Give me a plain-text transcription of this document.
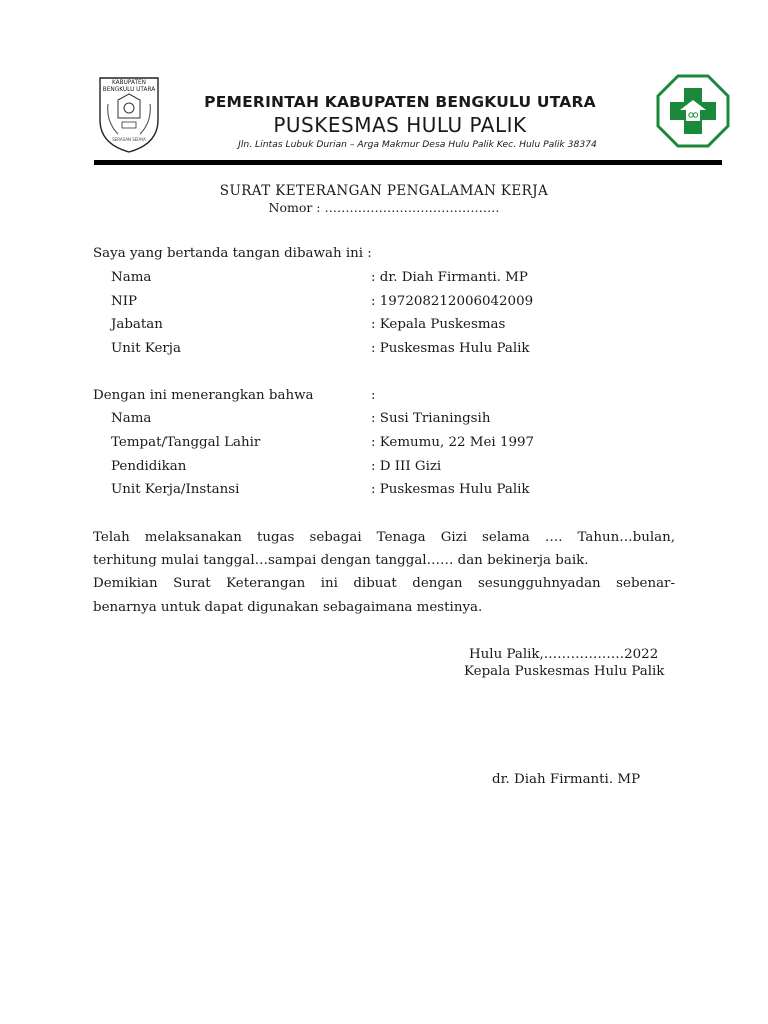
KABUPATEN
BENGKULU UTARA
SERASAN SEIAYA
PEMERINTAH KABUPATEN BENGKULU UTARA
PUSKESMAS HULU PALIK
Jln. Lintas Lubuk Durian – Arga Makmur Desa Hulu Palik Kec. Hulu Palik 38374
SURAT KETERANGAN PENGALAMAN KERJA
Nomor : ……………………………………
Saya yang bertanda tangan dibawah ini :
Nama	: dr. Diah Firmanti. MP
NIP	: 197208212006042009
Jabatan	: Kepala Puskesmas
Unit Kerja	: Puskesmas Hulu Palik
Dengan ini menerangkan bahwa	:
Nama	: Susi Trianingsih
Tempat/Tanggal Lahir	: Kemumu, 22 Mei 1997
Pendidikan	: D III Gizi
Unit Kerja/Instansi	: Puskesmas Hulu Palik
Telah melaksanakan tugas sebagai Tenaga Gizi selama …. Tahun…bulan,
terhitung mulai tanggal…sampai dengan tanggal…… dan bekinerja baik.
Demikian Surat Keterangan ini dibuat dengan sesungguhnyadan sebenar-
benarnya untuk dapat digunakan sebagaimana mestinya.
Hulu Palik,………………2022
Kepala Puskesmas Hulu Palik
dr. Diah Firmanti. MP
